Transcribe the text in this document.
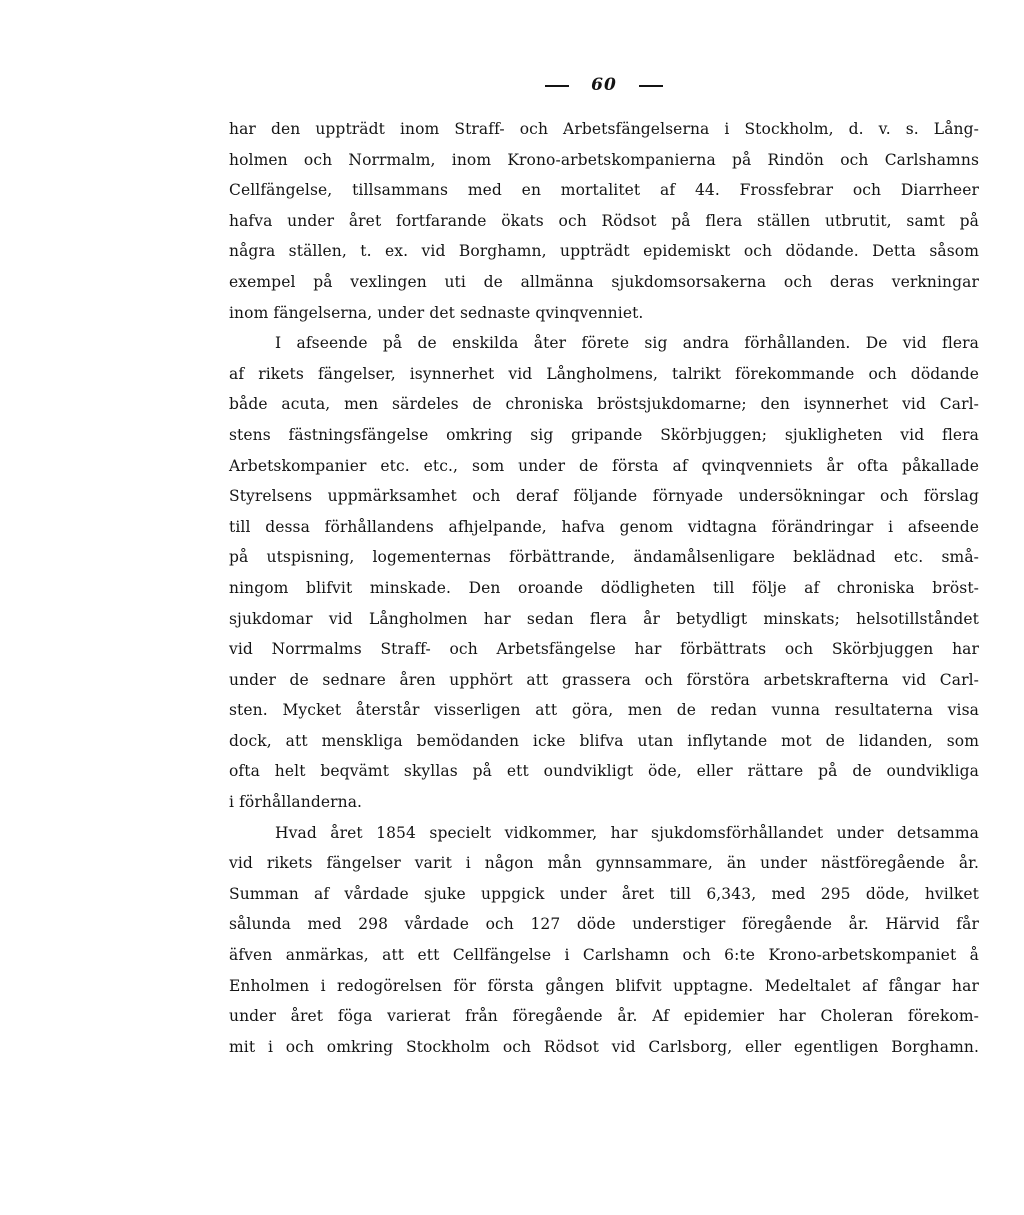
60
har den uppträdt inom Straff- och Arbetsfängelserna i Stockholm, d. v. s. Lång-
holmen och Norrmalm, inom Krono-arbetskompanierna på Rindön och Carlshamns
Cellfängelse, tillsammans med en mortalitet af 44. Frossfebrar och Diarrheer
hafva under året fortfarande ökats och Rödsot på flera ställen utbrutit, samt på
några ställen, t. ex. vid Borghamn, uppträdt epidemiskt och dödande. Detta såsom
exempel på vexlingen uti de allmänna sjukdomsorsakerna och deras verkningar
inom fängelserna, under det sednaste qvinqvenniet.
I afseende på de enskilda åter förete sig andra förhållanden. De vid flera
af rikets fängelser, isynnerhet vid Långholmens, talrikt förekommande och dödande
både acuta, men särdeles de chroniska bröstsjukdomarne; den isynnerhet vid Carl-
stens fästningsfängelse omkring sig gripande Skörbjuggen; sjukligheten vid flera
Arbetskompanier etc. etc., som under de första af qvinqvenniets år ofta påkallade
Styrelsens uppmärksamhet och deraf följande förnyade undersökningar och förslag
till dessa förhållandens afhjelpande, hafva genom vidtagna förändringar i afseende
på utspisning, logementernas förbättrande, ändamålsenligare beklädnad etc. små-
ningom blifvit minskade. Den oroande dödligheten till följe af chroniska bröst-
sjukdomar vid Långholmen har sedan flera år betydligt minskats; helsotillståndet
vid Norrmalms Straff- och Arbetsfängelse har förbättrats och Skörbjuggen har
under de sednare åren upphört att grassera och förstöra arbetskrafterna vid Carl-
sten. Mycket återstår visserligen att göra, men de redan vunna resultaterna visa
dock, att menskliga bemödanden icke blifva utan inflytande mot de lidanden, som
ofta helt beqvämt skyllas på ett oundvikligt öde, eller rättare på de oundvikliga
i förhållanderna.
Hvad året 1854 specielt vidkommer, har sjukdomsförhållandet under detsamma
vid rikets fängelser varit i någon mån gynnsammare, än under nästföregående år.
Summan af vårdade sjuke uppgick under året till 6,343, med 295 döde, hvilket
sålunda med 298 vårdade och 127 döde understiger föregående år. Härvid får
äfven anmärkas, att ett Cellfängelse i Carlshamn och 6:te Krono-arbetskompaniet å
Enholmen i redogörelsen för första gången blifvit upptagne. Medeltalet af fångar har
under året föga varierat från föregående år. Af epidemier har Choleran förekom-
mit i och omkring Stockholm och Rödsot vid Carlsborg, eller egentligen Borghamn.
